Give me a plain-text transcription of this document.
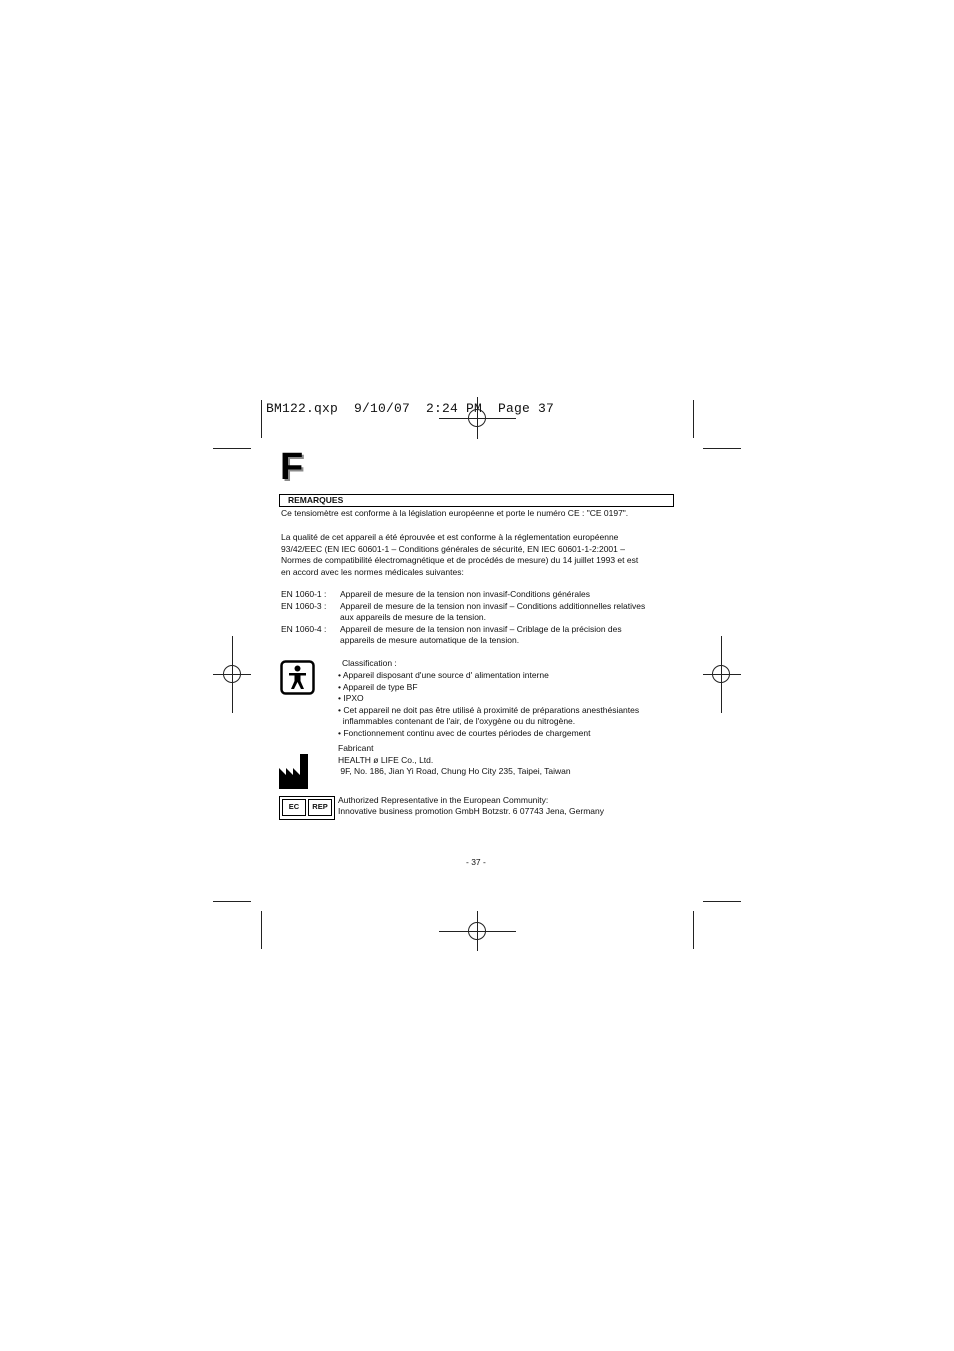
BM122.qxp  9/10/07  2:24 PM  Page 37
F
REMARQUES
Ce tensiomètre est conforme à la législation européenne et porte le numéro CE : "CE 0197".
La qualité de cet appareil a été éprouvée et est conforme à la réglementation européenne
93/42/EEC (EN IEC 60601-1 – Conditions générales de sécurité, EN IEC 60601-1-2:2001 –
Normes de compatibilité électromagnétique et de procédés de mesure) du 14 juillet 1993 et est
en accord avec les normes médicales suivantes:
EN 1060-1 : Appareil de mesure de la tension non invasif-Conditions générales
EN 1060-3 : Appareil de mesure de la tension non invasif – Conditions additionnelles relatives
aux appareils de mesure de la tension.
EN 1060-4 : Appareil de mesure de la tension non invasif – Criblage de la précision des
appareils de mesure automatique de la tension.
Classification :
• Appareil disposant d'une source d' alimentation interne
• Appareil de type BF
• IPXO
• Cet appareil ne doit pas être utilisé à proximité de préparations anesthésiantes
inflammables contenant de l'air, de l'oxygène ou du nitrogène.
• Fonctionnement continu avec de courtes périodes de chargement
Fabricant
HEALTH ø LIFE Co., Ltd.
9F, No. 186, Jian Yi Road, Chung Ho City 235, Taipei, Taiwan
EC	REP
Authorized Representative in the European Community:
Innovative business promotion GmbH Botzstr. 6 07743 Jena, Germany
- 37 -
